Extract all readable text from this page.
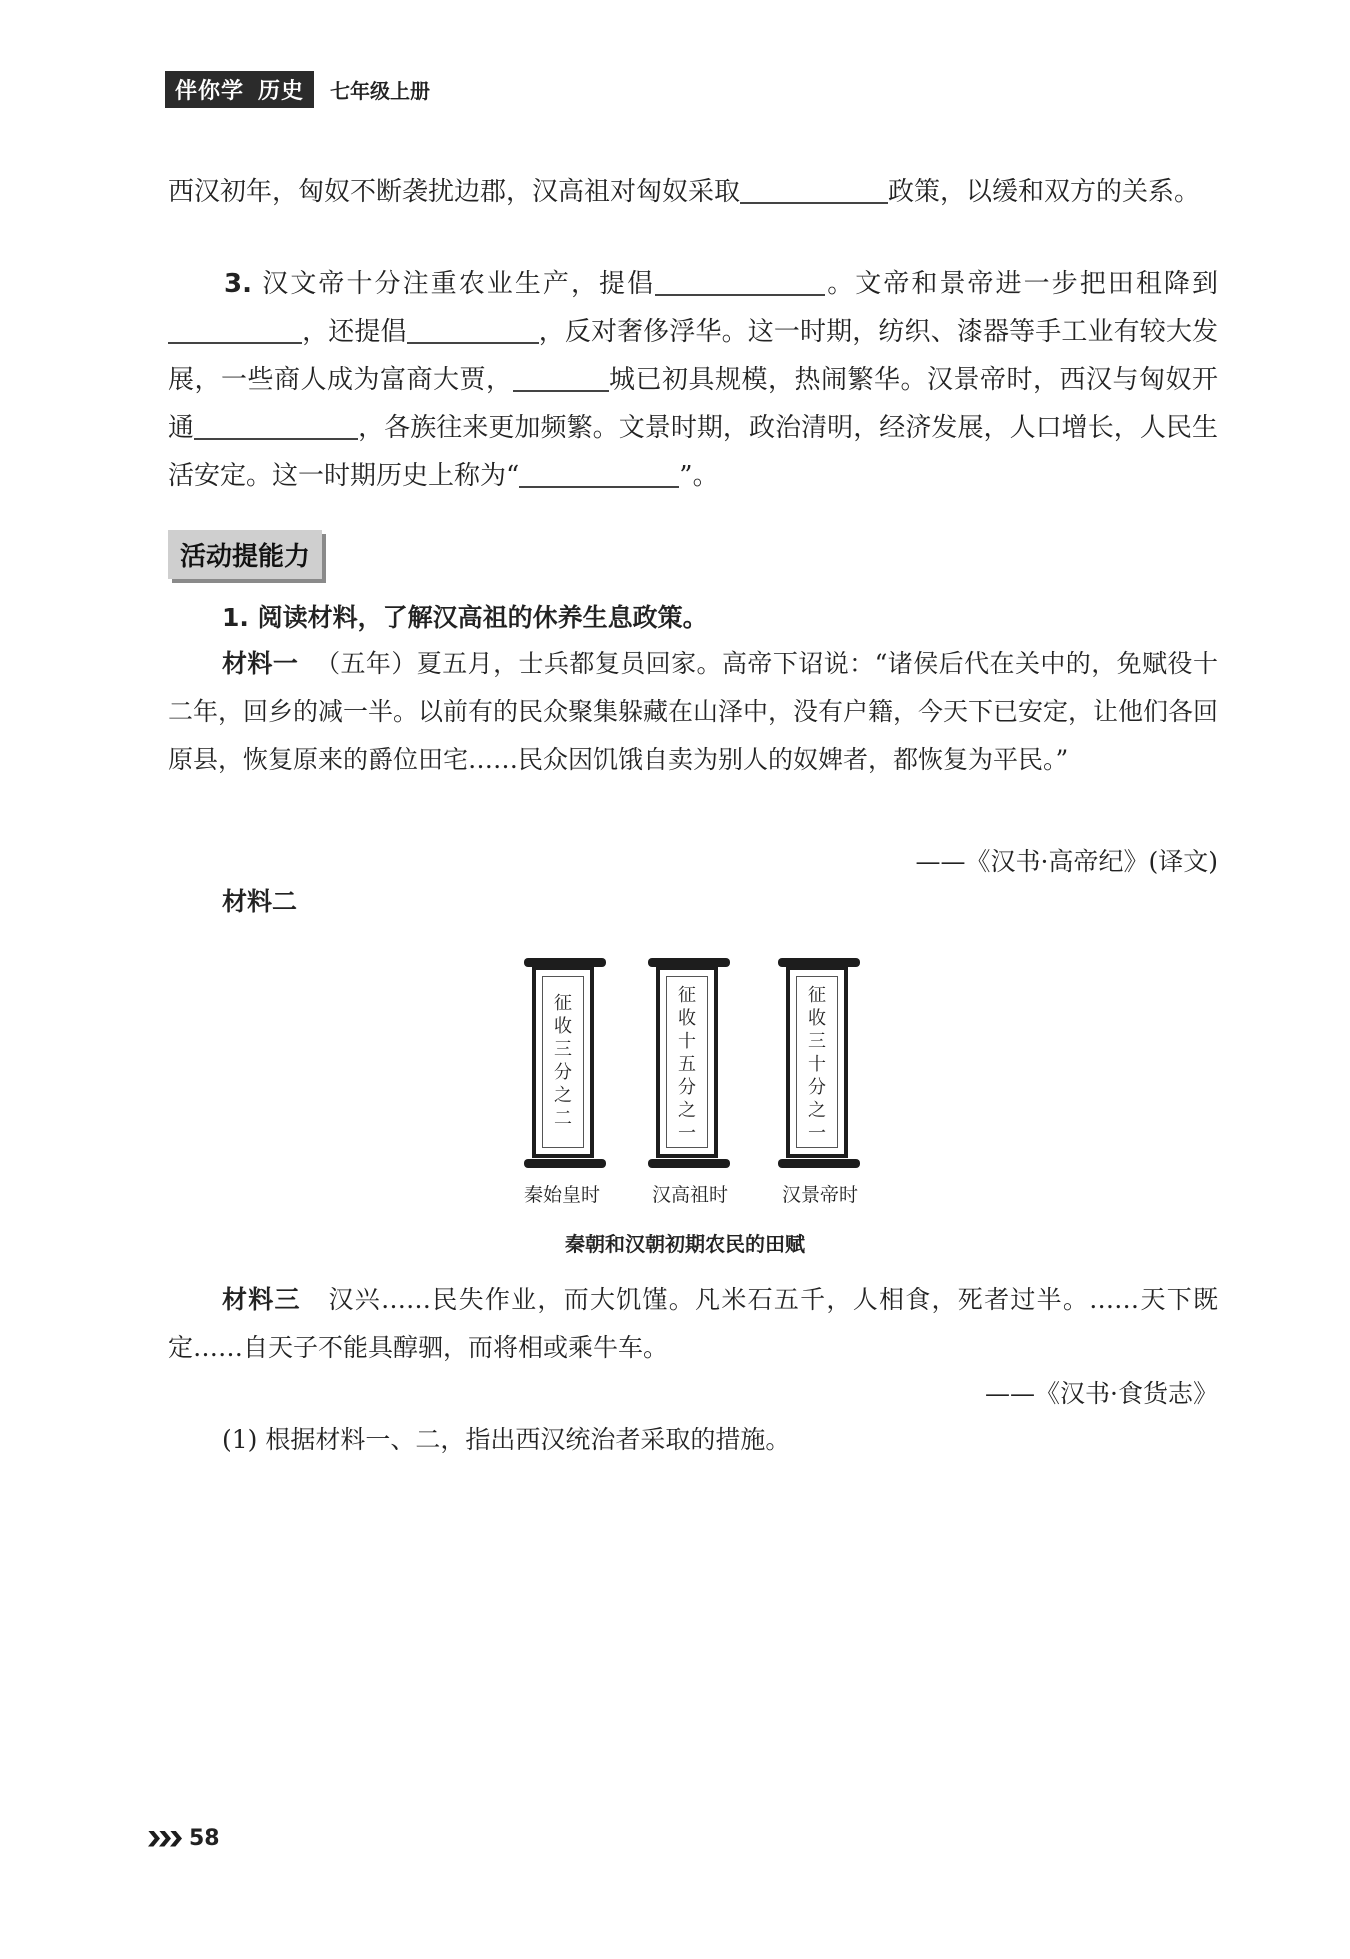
伴你学 历史	七年级上册
西汉初年，匈奴不断袭扰边郡，汉高祖对匈奴采取	政策，以缓和双方的关系。
3. 汉文帝十分注重农业生产，提倡	。文帝和景帝进一步把田租降到，还提倡	，反对奢侈浮华。这一时期，纺织、漆器等手工业有较大发展，一些商人成为富商大贾，	城已初具规模，热闹繁华。汉景帝时，西汉与匈奴开通	，各族往来更加频繁。文景时期，政治清明，经济发展，人口增长，人民生活安定。这一时期历史上称为“	”。
活动提能力
1. 阅读材料，了解汉高祖的休养生息政策。
材料一 （五年）夏五月，士兵都复员回家。高帝下诏说：“诸侯后代在关中的，免赋役十二年，回乡的减一半。以前有的民众聚集躲藏在山泽中，没有户籍，今天下已安定，让他们各回原县，恢复原来的爵位田宅……民众因饥饿自卖为别人的奴婢者，都恢复为平民。”
——《汉书·高帝纪》(译文)
材料二
征
收
三
分
之
二
征
收
十
五
分
之
一
征
收
三
十
分
之
一
秦始皇时	汉高祖时	汉景帝时
秦朝和汉朝初期农民的田赋
材料三 汉兴……民失作业，而大饥馑。凡米石五千，人相食，死者过半。……天下既定……自天子不能具醇驷，而将相或乘牛车。
——《汉书·食货志》
(1) 根据材料一、二，指出西汉统治者采取的措施。
58
